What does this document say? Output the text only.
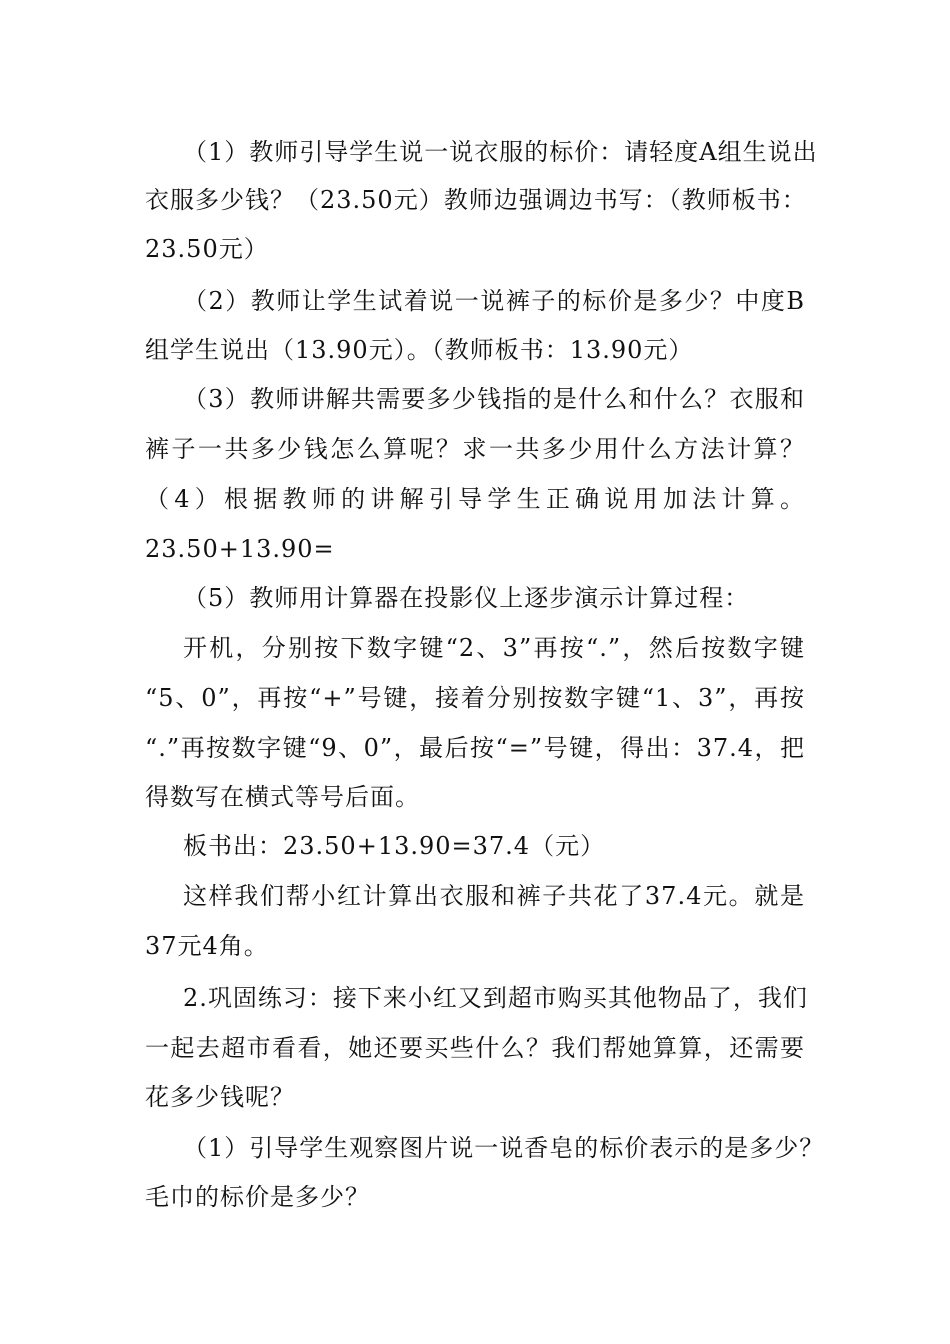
（1）教师引导学生说一说衣服的标价：请轻度A组生说出
衣服多少钱？（23.50元）教师边强调边书写：（教师板书：
23.50元）
（2）教师让学生试着说一说裤子的标价是多少？中度B
组学生说出（13.90元）。（教师板书：13.90元）
（3）教师讲解共需要多少钱指的是什么和什么？衣服和
裤子一共多少钱怎么算呢？求一共多少用什么方法计算？
（4）根据教师的讲解引导学生正确说用加法计算。
23.50+13.90=
（5）教师用计算器在投影仪上逐步演示计算过程：
开机，分别按下数字键“2、3”再按“.”，然后按数字键
“5、0”，再按“+”号键，接着分别按数字键“1、3”，再按
“.”再按数字键“9、0”，最后按“=”号键，得出：37.4，把
得数写在横式等号后面。
板书出：23.50+13.90=37.4（元）
这样我们帮小红计算出衣服和裤子共花了37.4元。就是
37元4角。
2.巩固练习：接下来小红又到超市购买其他物品了，我们
一起去超市看看，她还要买些什么？我们帮她算算，还需要
花多少钱呢？
（1）引导学生观察图片说一说香皂的标价表示的是多少？
毛巾的标价是多少？
